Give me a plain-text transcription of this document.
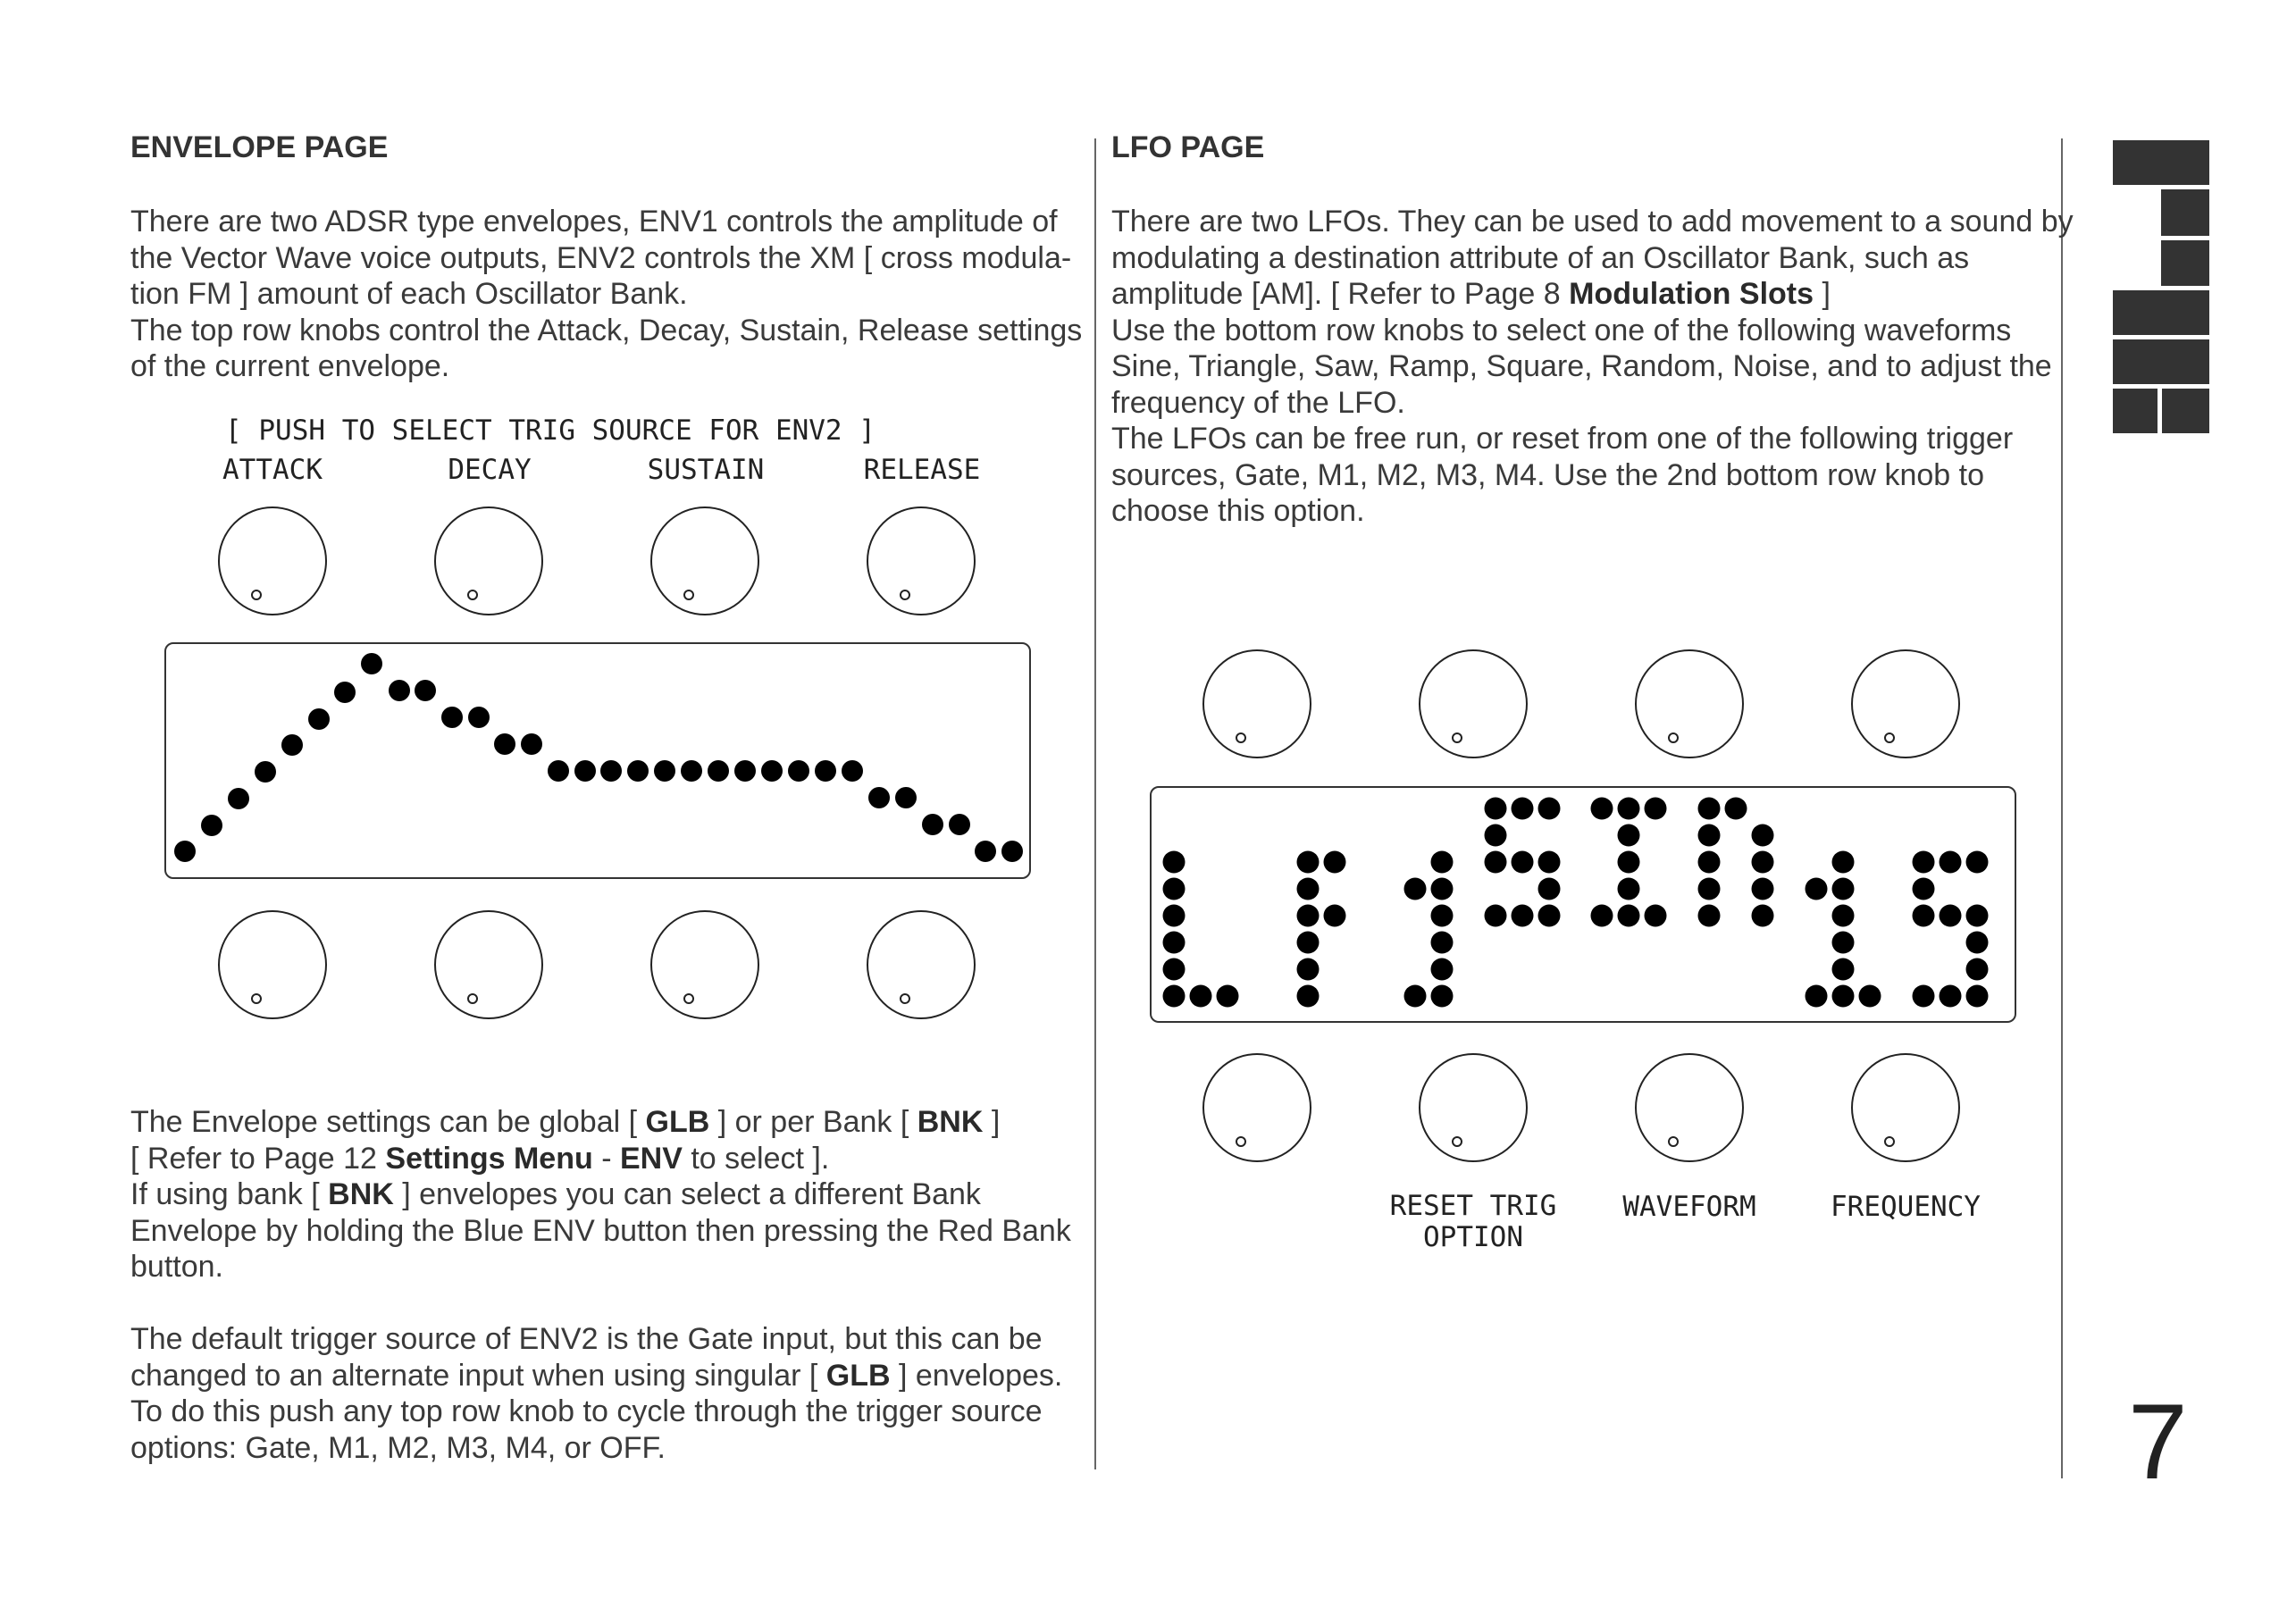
ENVELOPE PAGE
There are two ADSR type envelopes, ENV1 controls the amplitude of
the Vector Wave voice outputs, ENV2 controls the XM [ cross modula-
tion FM ] amount of each Oscillator Bank.
The top row knobs control the Attack, Decay, Sustain, Release settings
of the current envelope.
[ PUSH TO SELECT TRIG SOURCE FOR ENV2 ]
ATTACK	DECAY	SUSTAIN	RELEASE
The Envelope settings can be global [ GLB ] or per Bank [ BNK ]
[ Refer to Page 12 Settings Menu - ENV to select ].
If using bank [ BNK ] envelopes you can select a different Bank
Envelope by holding the Blue ENV button then pressing the Red Bank
button.
The default trigger source of ENV2 is the Gate input, but this can be
changed to an alternate input when using singular [ GLB ] envelopes.
To do this push any top row knob to cycle through the trigger source
options: Gate, M1, M2, M3, M4, or OFF.
LFO PAGE
There are two LFOs. They can be used to add movement to a sound by
modulating a destination attribute of an Oscillator Bank, such as
amplitude [AM]. [ Refer to Page 8 Modulation Slots ]
Use the bottom row knobs to select one of the following waveforms
Sine, Triangle, Saw, Ramp, Square, Random, Noise, and to adjust the
frequency of the LFO.
The LFOs can be free run, or reset from one of the following trigger
sources, Gate, M1, M2, M3, M4. Use the 2nd bottom row knob to
choose this option.
RESET TRIG
OPTION
WAVEFORM	FREQUENCY
7
